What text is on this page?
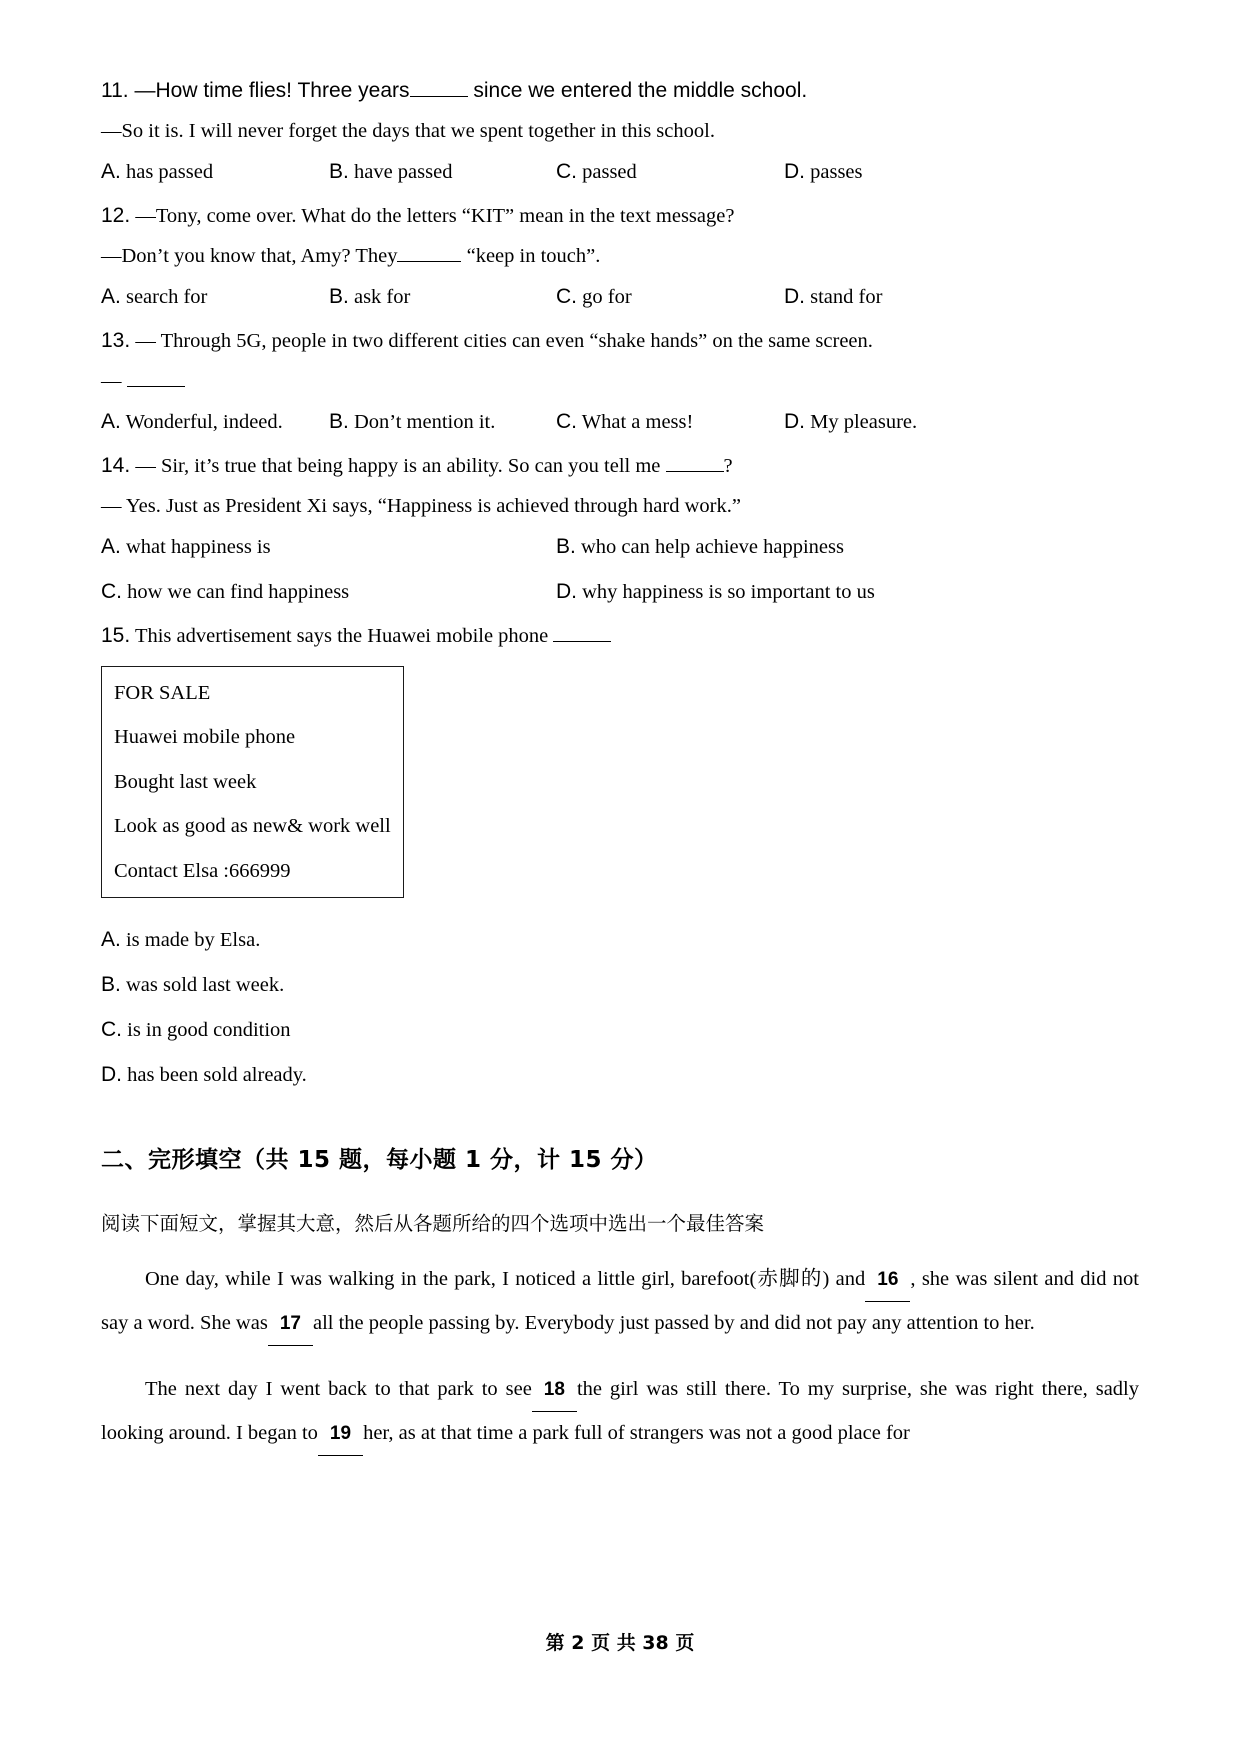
11. —How time flies! Three years	since we entered the middle school.
—So it is. I will never forget the days that we spent together in this school.
A. has passed	B. have passed	C. passed	D. passes
12. —Tony, come over. What do the letters “KIT” mean in the text message?
—Don’t you know that, Amy? They	“keep in touch”.
A. search for	B. ask for	C. go for	D. stand for
13. — Through 5G, people in two different cities can even “shake hands” on the same screen.
—
A. Wonderful, indeed. B. Don’t mention it.	C. What a mess!	D. My pleasure.
14. — Sir, it’s true that being happy is an ability. So can you tell me	?
— Yes. Just as President Xi says, “Happiness is achieved through hard work.”
A. what happiness is	B. who can help achieve happiness
C. how we can find happiness	D. why happiness is so important to us
15. This advertisement says the Huawei mobile phone
FOR SALE
Huawei mobile phone
Bought last week
Look as good as new& work well
Contact Elsa :666999
A. is made by Elsa.
B. was sold last week.
C. is in good condition
D. has been sold already.
二、完形填空（共 15 题，每小题 1 分，计 15 分）
阅读下面短文，掌握其大意，然后从各题所给的四个选项中选出一个最佳答案
One day, while I was walking in the park, I noticed a little girl, barefoot(赤脚的) and 16 , she was silent and did not say a word. She was 17 all the people passing by. Everybody just passed by and did not pay any attention to her.
The next day I went back to that park to see 18 the girl was still there. To my surprise, she was right there, sadly looking around. I began to 19 her, as at that time a park full of strangers was not a good place for
第 2 页 共 38 页
